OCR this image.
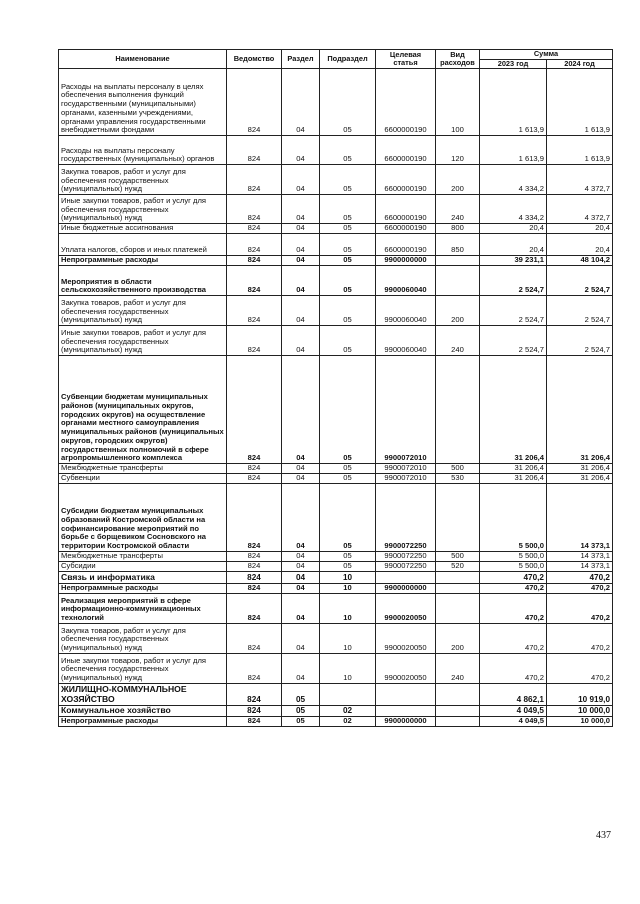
Наименование	Ведомство	Раздел	Подраздел	Целевая статья	Вид расходов	Сумма	
						2023 год	2024 год
Расходы на выплаты персоналу в целях обеспечения выполнения функций государственными (муниципальными) органами, казенными учреждениями, органами управления государственными внебюджетными фондами	824	04	05	6600000190	100	1 613,9	1 613,9
Расходы на выплаты персоналу государственных (муниципальных) органов	824	04	05	6600000190	120	1 613,9	1 613,9
Закупка товаров, работ и услуг для обеспечения государственных (муниципальных) нужд	824	04	05	6600000190	200	4 334,2	4 372,7
Иные закупки товаров, работ и услуг для обеспечения государственных (муниципальных) нужд	824	04	05	6600000190	240	4 334,2	4 372,7
Иные бюджетные ассигнования	824	04	05	6600000190	800	20,4	20,4
Уплата налогов, сборов и иных платежей	824	04	05	6600000190	850	20,4	20,4
Непрограммные расходы	824	04	05	9900000000		39 231,1	48 104,2
Мероприятия в области сельскохозяйственного производства	824	04	05	9900060040		2 524,7	2 524,7
Закупка товаров, работ и услуг для обеспечения государственных (муниципальных) нужд	824	04	05	9900060040	200	2 524,7	2 524,7
Иные закупки товаров, работ и услуг для обеспечения государственных (муниципальных) нужд	824	04	05	9900060040	240	2 524,7	2 524,7
Субвенции бюджетам муниципальных районов (муниципальных округов, городских округов) на осуществление органами местного самоуправления муниципальных районов (муниципальных округов, городских округов) государственных полномочий в сфере агропромышленного комплекса	824	04	05	9900072010		31 206,4	31 206,4
Межбюджетные трансферты	824	04	05	9900072010	500	31 206,4	31 206,4
Субвенции	824	04	05	9900072010	530	31 206,4	31 206,4
Субсидии бюджетам муниципальных образований Костромской области на софинансирование мероприятий по борьбе с борщевиком Сосновского на территории Костромской области	824	04	05	9900072250		5 500,0	14 373,1
Межбюджетные трансферты	824	04	05	9900072250	500	5 500,0	14 373,1
Субсидии	824	04	05	9900072250	520	5 500,0	14 373,1
Связь и информатика	824	04	10			470,2	470,2
Непрограммные расходы	824	04	10	9900000000		470,2	470,2
Реализация мероприятий в сфере информационно-коммуникационных технологий	824	04	10	9900020050		470,2	470,2
Закупка товаров, работ и услуг для обеспечения государственных (муниципальных) нужд	824	04	10	9900020050	200	470,2	470,2
Иные закупки товаров, работ и услуг для обеспечения государственных (муниципальных) нужд	824	04	10	9900020050	240	470,2	470,2
ЖИЛИЩНО-КОММУНАЛЬНОЕ ХОЗЯЙСТВО	824	05				4 862,1	10 919,0
Коммунальное хозяйство	824	05	02			4 049,5	10 000,0
Непрограммные расходы	824	05	02	9900000000		4 049,5	10 000,0
437
